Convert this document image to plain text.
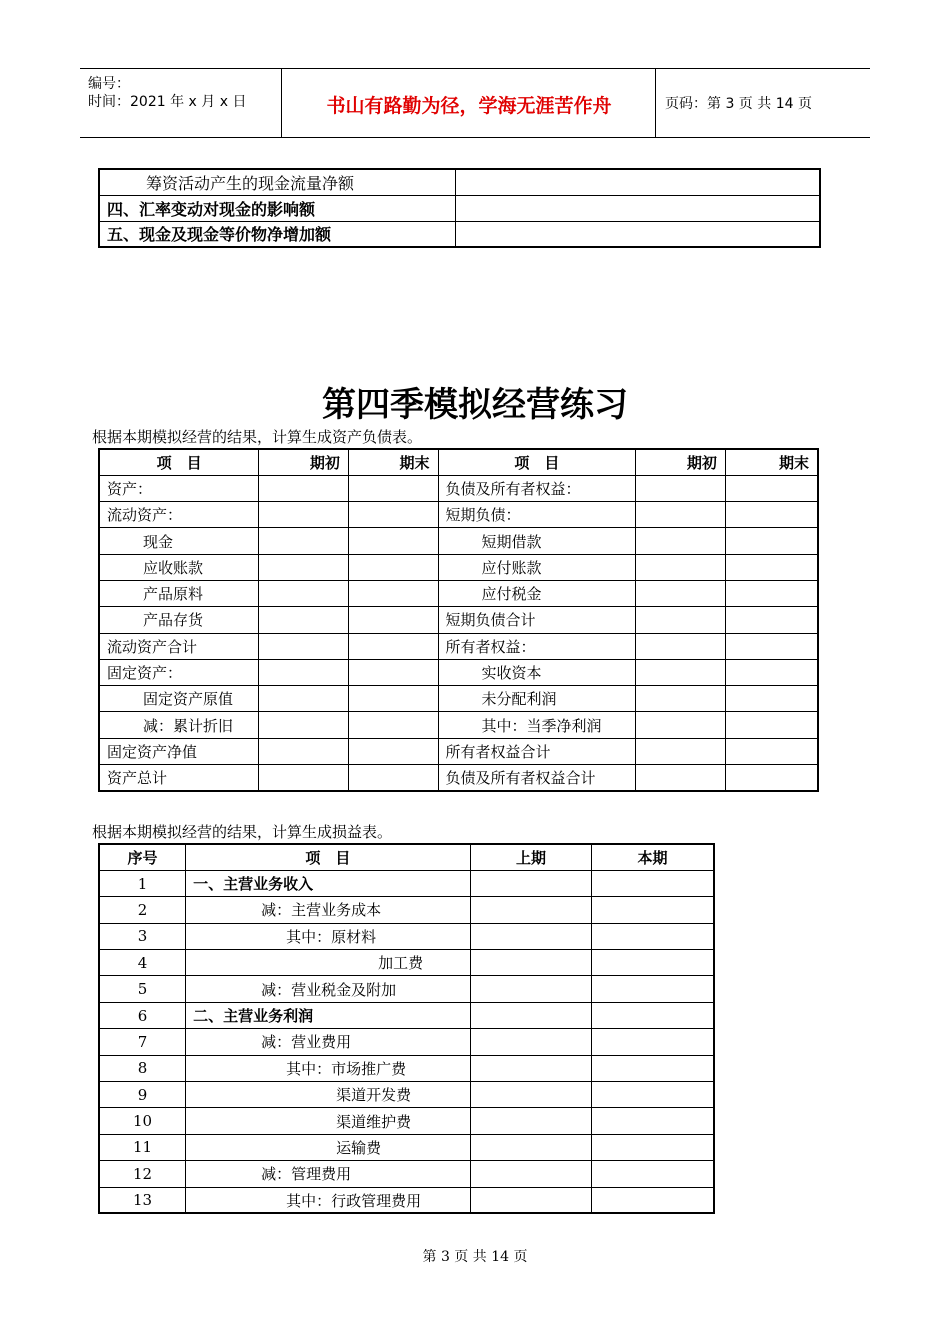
编号：
时间：2021 年 x 月 x 日	书山有路勤为径，学海无涯苦作舟	页码：第 3 页 共 14 页
筹资活动产生的现金流量净额	
四、汇率变动对现金的影响额	
五、现金及现金等价物净增加额	
第四季模拟经营练习
根据本期模拟经营的结果，计算生成资产负债表。
项　目	期初	期末	项　目	期初	期末
资产：			负债及所有者权益：		
流动资产：			短期负债：		
现金			短期借款		
应收账款			应付账款		
产品原料			应付税金		
产品存货			短期负债合计		
流动资产合计			所有者权益：		
固定资产：			实收资本		
固定资产原值			未分配利润		
减：累计折旧			其中：当季净利润		
固定资产净值			所有者权益合计		
资产总计			负债及所有者权益合计		
根据本期模拟经营的结果，计算生成损益表。
序号	项　目	上期	本期
1	一、主营业务收入		
2	减：主营业务成本		
3	其中：原材料		
4	加工费		
5	减：营业税金及附加		
6	二、主营业务利润		
7	减：营业费用		
8	其中：市场推广费		
9	渠道开发费		
10	渠道维护费		
11	运输费		
12	减：管理费用		
13	其中：行政管理费用		
第 3 页 共 14 页
